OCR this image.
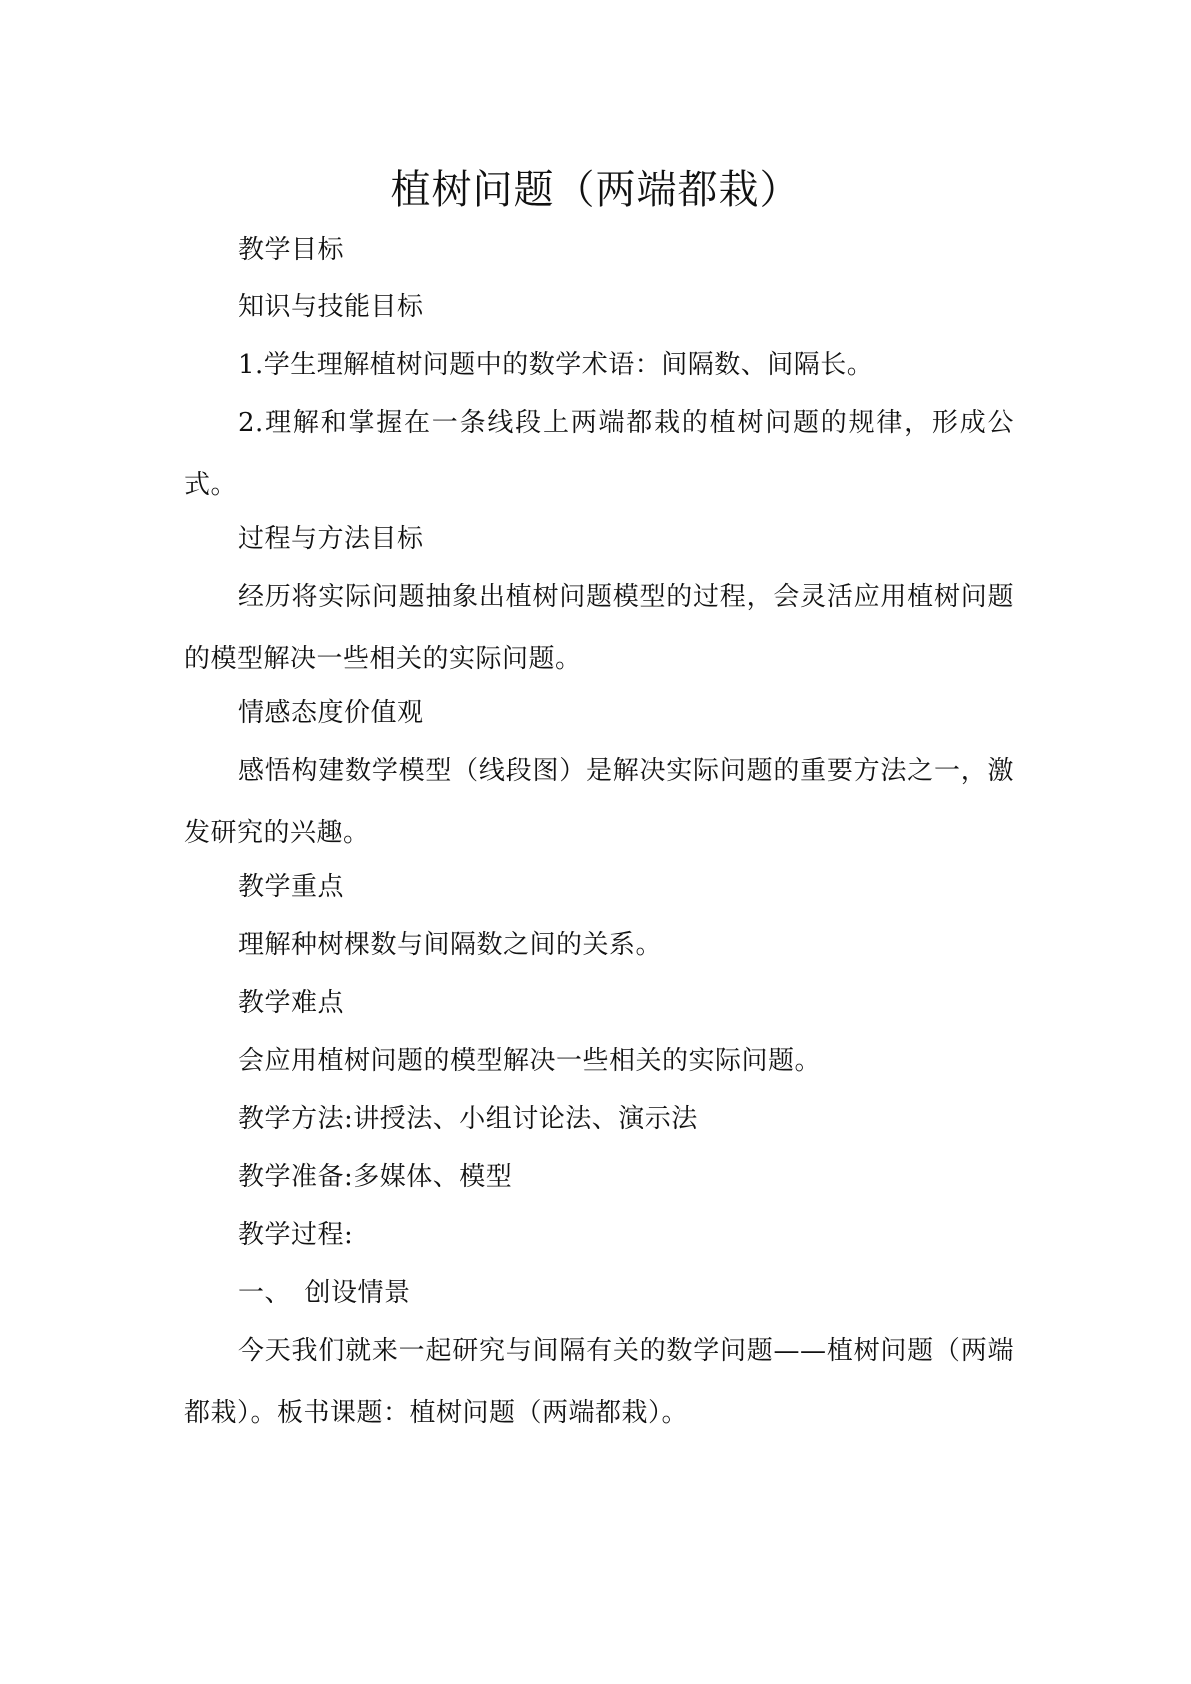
植树问题（两端都栽）
教学目标
知识与技能目标
1.学生理解植树问题中的数学术语：间隔数、间隔长。
2.理解和掌握在一条线段上两端都栽的植树问题的规律，形成公式。
过程与方法目标
经历将实际问题抽象出植树问题模型的过程，会灵活应用植树问题的模型解决一些相关的实际问题。
情感态度价值观
感悟构建数学模型（线段图）是解决实际问题的重要方法之一，激发研究的兴趣。
教学重点
理解种树棵数与间隔数之间的关系。
教学难点
会应用植树问题的模型解决一些相关的实际问题。
教学方法:讲授法、小组讨论法、演示法
教学准备:多媒体、模型
教学过程:
一、　创设情景
今天我们就来一起研究与间隔有关的数学问题——植树问题（两端都栽）。板书课题：植树问题（两端都栽）。
